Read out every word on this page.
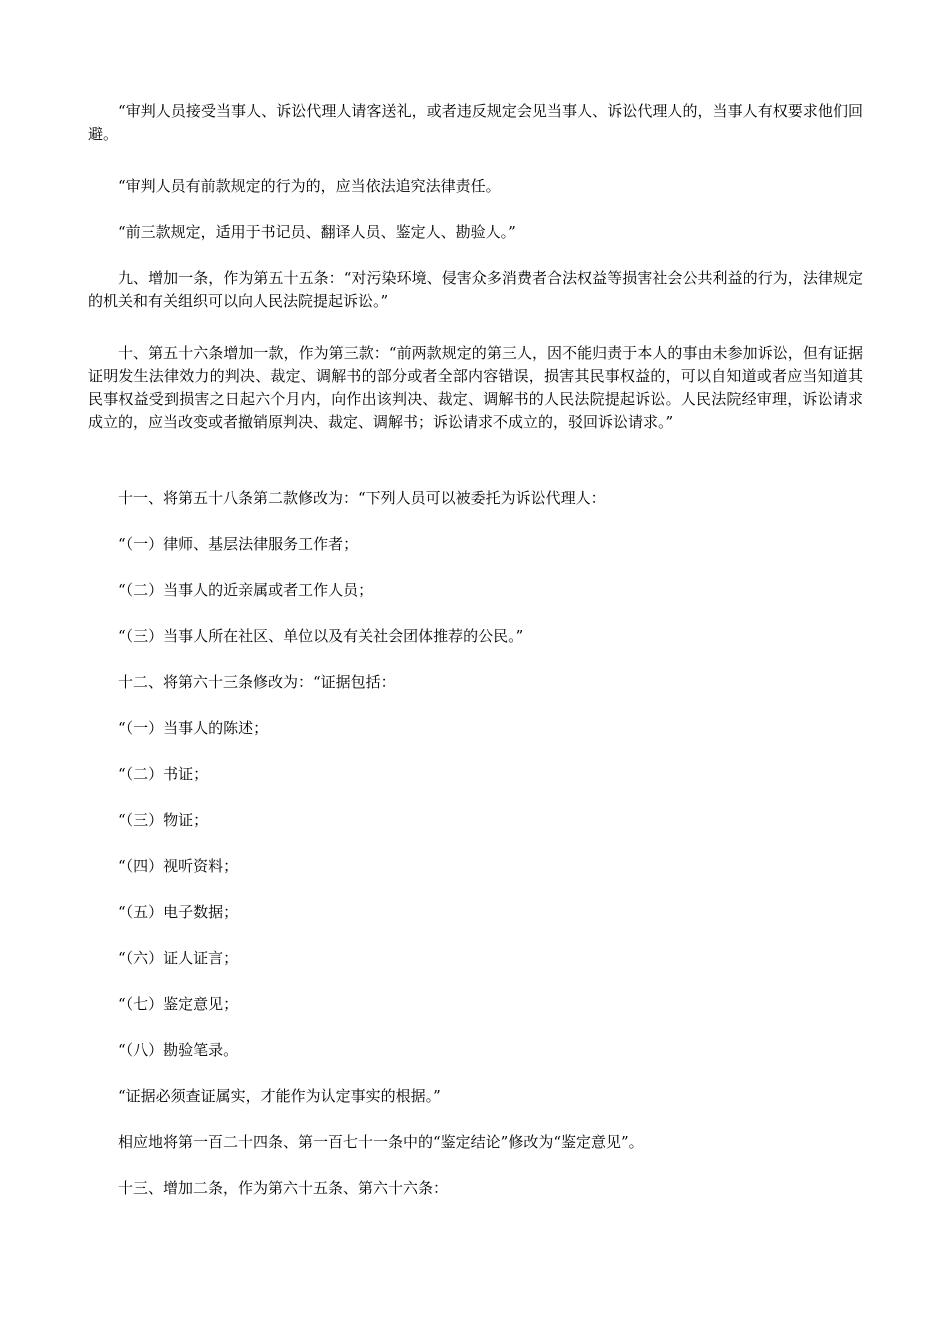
“审判人员接受当事人、诉讼代理人请客送礼，或者违反规定会见当事人、诉讼代理人的，当事人有权要求他们回避。

“审判人员有前款规定的行为的，应当依法追究法律责任。

“前三款规定，适用于书记员、翻译人员、鉴定人、勘验人。”

九、增加一条，作为第五十五条：“对污染环境、侵害众多消费者合法权益等损害社会公共利益的行为，法律规定的机关和有关组织可以向人民法院提起诉讼。”

十、第五十六条增加一款，作为第三款：“前两款规定的第三人，因不能归责于本人的事由未参加诉讼，但有证据证明发生法律效力的判决、裁定、调解书的部分或者全部内容错误，损害其民事权益的，可以自知道或者应当知道其民事权益受到损害之日起六个月内，向作出该判决、裁定、调解书的人民法院提起诉讼。人民法院经审理，诉讼请求成立的，应当改变或者撤销原判决、裁定、调解书；诉讼请求不成立的，驳回诉讼请求。”

十一、将第五十八条第二款修改为：“下列人员可以被委托为诉讼代理人：

“（一）律师、基层法律服务工作者；

“（二）当事人的近亲属或者工作人员；

“（三）当事人所在社区、单位以及有关社会团体推荐的公民。”

十二、将第六十三条修改为：“证据包括：

“（一）当事人的陈述；

“（二）书证；

“（三）物证；

“（四）视听资料；

“（五）电子数据；

“（六）证人证言；

“（七）鉴定意见；

“（八）勘验笔录。

“证据必须查证属实，才能作为认定事实的根据。”

相应地将第一百二十四条、第一百七十一条中的“鉴定结论”修改为“鉴定意见”。

十三、增加二条，作为第六十五条、第六十六条：
